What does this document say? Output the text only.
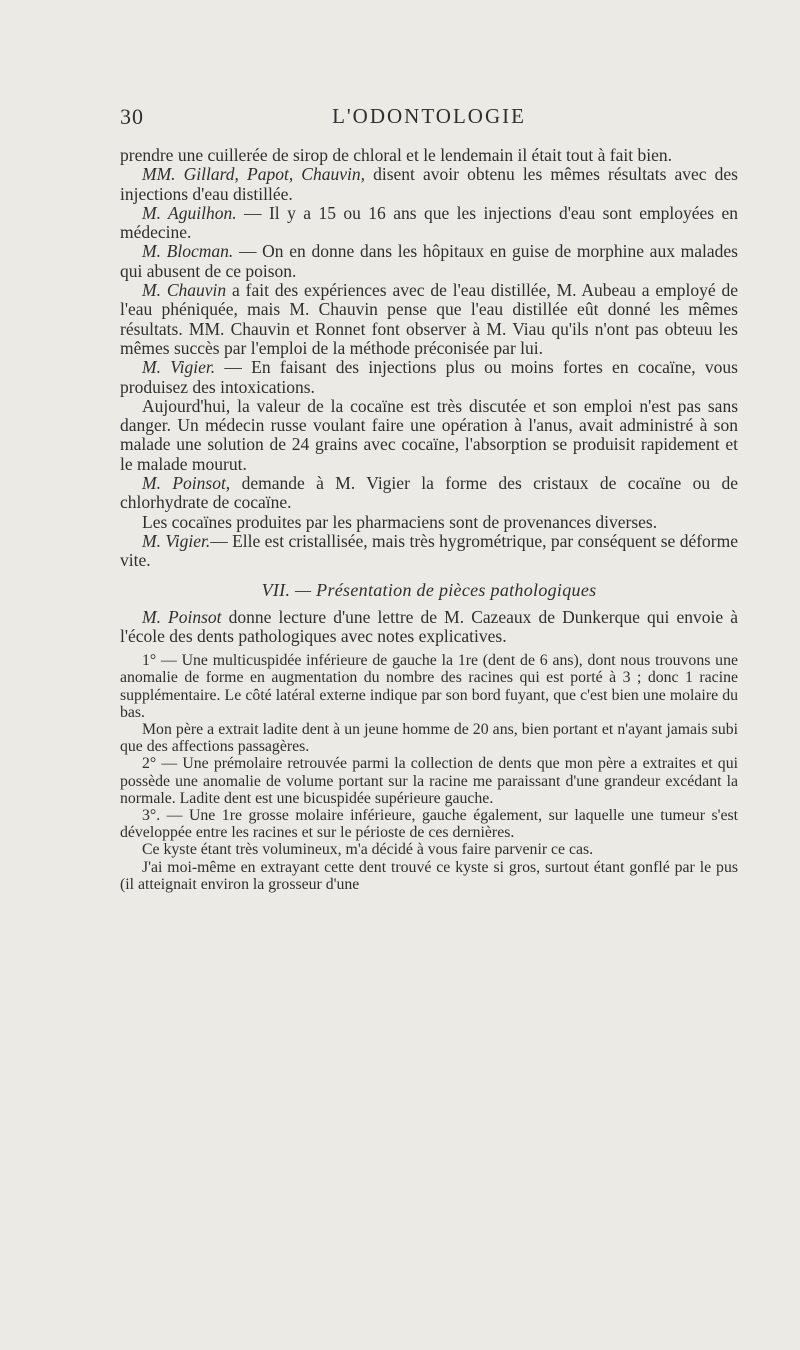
30	L'ODONTOLOGIE

prendre une cuillerée de sirop de chloral et le lendemain il était tout à fait bien.

MM. Gillard, Papot, Chauvin, disent avoir obtenu les mêmes résultats avec des injections d'eau distillée.

M. Aguilhon. — Il y a 15 ou 16 ans que les injections d'eau sont employées en médecine.

M. Blocman. — On en donne dans les hôpitaux en guise de morphine aux malades qui abusent de ce poison.

M. Chauvin a fait des expériences avec de l'eau distillée, M. Aubeau a employé de l'eau phéniquée, mais M. Chauvin pense que l'eau distillée eût donné les mêmes résultats. MM. Chauvin et Ronnet font observer à M. Viau qu'ils n'ont pas obteuu les mêmes succès par l'emploi de la méthode préconisée par lui.

M. Vigier. — En faisant des injections plus ou moins fortes en cocaïne, vous produisez des intoxications.

Aujourd'hui, la valeur de la cocaïne est très discutée et son emploi n'est pas sans danger. Un médecin russe voulant faire une opération à l'anus, avait administré à son malade une solution de 24 grains avec cocaïne, l'absorption se produisit rapidement et le malade mourut.

M. Poinsot, demande à M. Vigier la forme des cristaux de cocaïne ou de chlorhydrate de cocaïne.

Les cocaïnes produites par les pharmaciens sont de provenances diverses.

M. Vigier.— Elle est cristallisée, mais très hygrométrique, par conséquent se déforme vite.

VII. — Présentation de pièces pathologiques

M. Poinsot donne lecture d'une lettre de M. Cazeaux de Dunkerque qui envoie à l'école des dents pathologiques avec notes explicatives.

1° — Une multicuspidée inférieure de gauche la 1re (dent de 6 ans), dont nous trouvons une anomalie de forme en augmentation du nombre des racines qui est porté à 3 ; donc 1 racine supplémentaire. Le côté latéral externe indique par son bord fuyant, que c'est bien une molaire du bas.

Mon père a extrait ladite dent à un jeune homme de 20 ans, bien portant et n'ayant jamais subi que des affections passagères.

2° — Une prémolaire retrouvée parmi la collection de dents que mon père a extraites et qui possède une anomalie de volume portant sur la racine me paraissant d'une grandeur excédant la normale. Ladite dent est une bicuspidée supérieure gauche.

3°. — Une 1re grosse molaire inférieure, gauche également, sur laquelle une tumeur s'est développée entre les racines et sur le périoste de ces dernières.

Ce kyste étant très volumineux, m'a décidé à vous faire parvenir ce cas.

J'ai moi-même en extrayant cette dent trouvé ce kyste si gros, surtout étant gonflé par le pus (il atteignait environ la grosseur d'une
